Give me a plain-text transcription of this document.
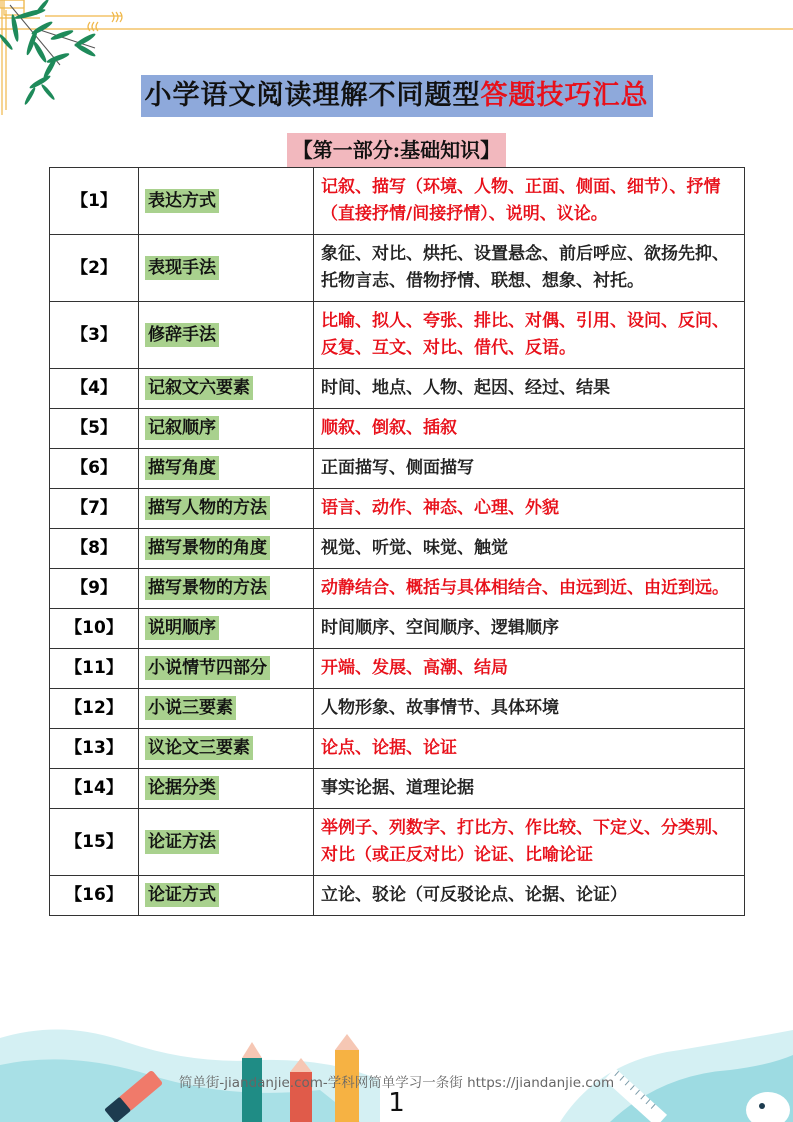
小学语文阅读理解不同题型答题技巧汇总
【第一部分:基础知识】
【1】	表达方式	记叙、描写（环境、人物、正面、侧面、细节）、抒情（直接抒情/间接抒情）、说明、议论。
【2】	表现手法	象征、对比、烘托、设置悬念、前后呼应、欲扬先抑、托物言志、借物抒情、联想、想象、衬托。
【3】	修辞手法	比喻、拟人、夸张、排比、对偶、引用、设问、反问、反复、互文、对比、借代、反语。
【4】	记叙文六要素	时间、地点、人物、起因、经过、结果
【5】	记叙顺序	顺叙、倒叙、插叙
【6】	描写角度	正面描写、侧面描写
【7】	描写人物的方法	语言、动作、神态、心理、外貌
【8】	描写景物的角度	视觉、听觉、味觉、触觉
【9】	描写景物的方法	动静结合、概括与具体相结合、由远到近、由近到远。
【10】	说明顺序	时间顺序、空间顺序、逻辑顺序
【11】	小说情节四部分	开端、发展、高潮、结局
【12】	小说三要素	人物形象、故事情节、具体环境
【13】	议论文三要素	论点、论据、论证
【14】	论据分类	事实论据、道理论据
【15】	论证方法	举例子、列数字、打比方、作比较、下定义、分类别、对比（或正反对比）论证、比喻论证
【16】	论证方式	立论、驳论（可反驳论点、论据、论证）
简单街-jiandanjie.com-学科网简单学习一条街 https://jiandanjie.com
1
